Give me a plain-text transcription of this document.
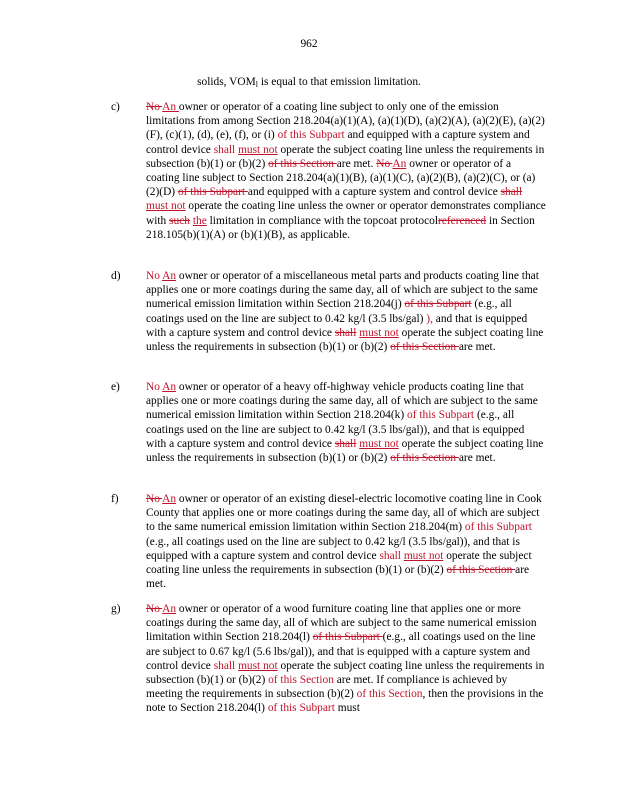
962
solids, $VOM_l$ is equal to that emission limitation.
c)	No An owner or operator of a coating line subject to only one of the emission limitations from among Section 218.204(a)(1)(A), (a)(1)(D), (a)(2)(A), (a)(2)(E), (a)(2)(F), (c)(1), (d), (e), (f), or (i) of this Subpart and equipped with a capture system and control device shall must not operate the subject coating line unless the requirements in subsection (b)(1) or (b)(2) of this Section are met. No An owner or operator of a coating line subject to Section 218.204(a)(1)(B), (a)(1)(C), (a)(2)(B), (a)(2)(C), or (a)(2)(D) of this Subpart and equipped with a capture system and control device shall must not operate the coating line unless the owner or operator demonstrates compliance with such the limitation in compliance with the topcoat protocolreferenced in Section 218.105(b)(1)(A) or (b)(1)(B), as applicable.
d)	No An owner or operator of a miscellaneous metal parts and products coating line that applies one or more coatings during the same day, all of which are subject to the same numerical emission limitation within Section 218.204(j) of this Subpart (e.g., all coatings used on the line are subject to 0.42 kg/l (3.5 lbs/gal) ), and that is equipped with a capture system and control device shall must not operate the subject coating line unless the requirements in subsection (b)(1) or (b)(2) of this Section are met.
e)	No An owner or operator of a heavy off-highway vehicle products coating line that applies one or more coatings during the same day, all of which are subject to the same numerical emission limitation within Section 218.204(k) of this Subpart (e.g., all coatings used on the line are subject to 0.42 kg/l (3.5 lbs/gal)), and that is equipped with a capture system and control device shall must not operate the subject coating line unless the requirements in subsection (b)(1) or (b)(2) of this Section are met.
f)	No An owner or operator of an existing diesel-electric locomotive coating line in Cook County that applies one or more coatings during the same day, all of which are subject to the same numerical emission limitation within Section 218.204(m) of this Subpart (e.g., all coatings used on the line are subject to 0.42 kg/l (3.5 lbs/gal)), and that is equipped with a capture system and control device shall must not operate the subject coating line unless the requirements in subsection (b)(1) or (b)(2) of this Section are met.
g)	No An owner or operator of a wood furniture coating line that applies one or more coatings during the same day, all of which are subject to the same numerical emission limitation within Section 218.204(l) of this Subpart (e.g., all coatings used on the line are subject to 0.67 kg/l (5.6 lbs/gal)), and that is equipped with a capture system and control device shall must not operate the subject coating line unless the requirements in subsection (b)(1) or (b)(2) of this Section are met. If compliance is achieved by meeting the requirements in subsection (b)(2) of this Section, then the provisions in the note to Section 218.204(l) of this Subpart must
